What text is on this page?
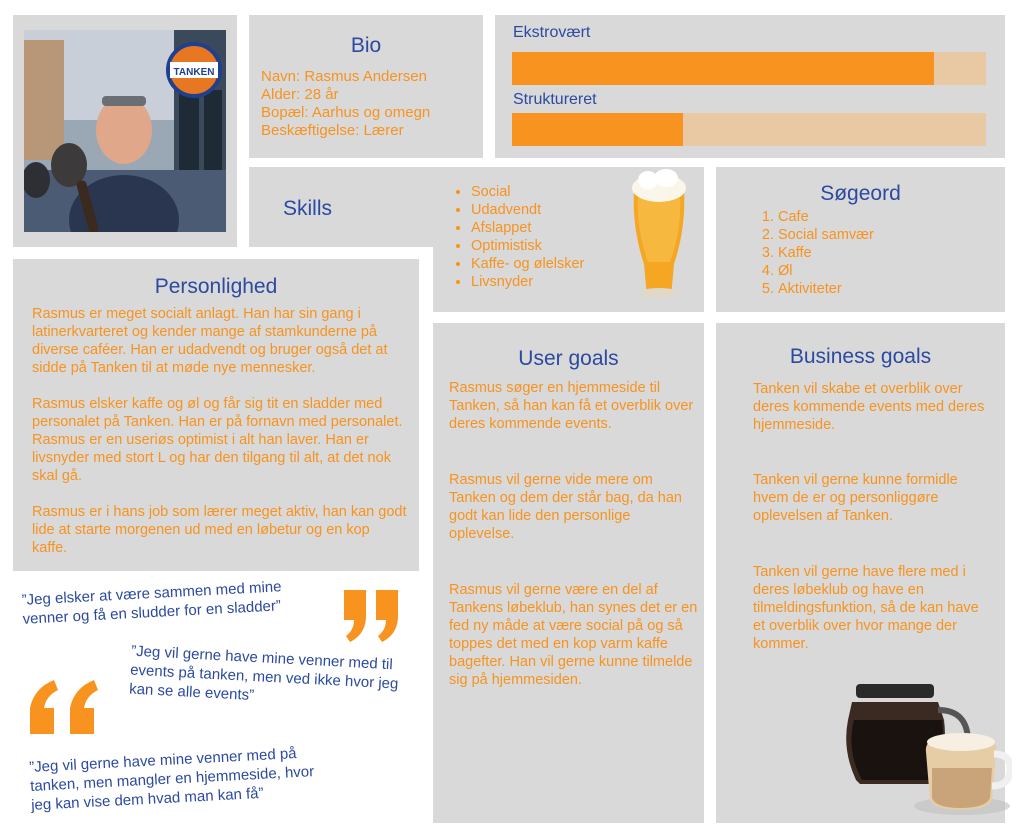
TANKEN
Bio

Navn: Rasmus Andersen

Alder: 28 år

Bopæl: Aarhus og omegn

Beskæftigelse: Lærer

Ekstrovært
Struktureret
Skills
• Social
• Udadvendt
• Afslappet
• Optimistisk
• Kaffe- og ølelsker
• Livsnyder
Søgeord
1. Cafe
2. Social samvær
3. Kaffe
4. Øl
5. Aktiviteter
Personlighed

Rasmus er meget socialt anlagt. Han har sin gang i latinerkvarteret og kender mange af stamkunderne på diverse caféer. Han er udadvendt og bruger også det at sidde på Tanken til at møde nye mennesker.

Rasmus elsker kaffe og øl og får sig tit en sladder med personalet på Tanken. Han er på fornavn med personalet. Rasmus er en useriøs optimist i alt han laver. Han er livsnyder med stort L og har den tilgang til alt, at det nok skal gå.

Rasmus er i hans job som lærer meget aktiv, han kan godt lide at starte morgenen ud med en løbetur og en kop kaffe.

User goals

Rasmus søger en hjemmeside til Tanken, så han kan få et overblik over deres kommende events.

Rasmus vil gerne vide mere om Tanken og dem der står bag, da han godt kan lide den personlige oplevelse.

Rasmus vil gerne være en del af Tankens løbeklub, han synes det er en fed ny måde at være social på og så toppes det med en kop varm kaffe bagefter. Han vil gerne kunne tilmelde sig på hjemmesiden.

Business goals

Tanken vil skabe et overblik over deres kommende events med deres hjemmeside.

Tanken vil gerne kunne formidle hvem de er og personliggøre oplevelsen af Tanken.

Tanken vil gerne have flere med i deres løbeklub og have en tilmeldingsfunktion, så de kan have et overblik over hvor mange der kommer.

”Jeg elsker at være sammen med mine venner og få en sludder for en sladder”
”Jeg vil gerne have mine venner med til events på tanken, men ved ikke hvor jeg kan se alle events”
”Jeg vil gerne have mine venner med på tanken, men mangler en hjemmeside, hvor jeg kan vise dem hvad man kan få”
